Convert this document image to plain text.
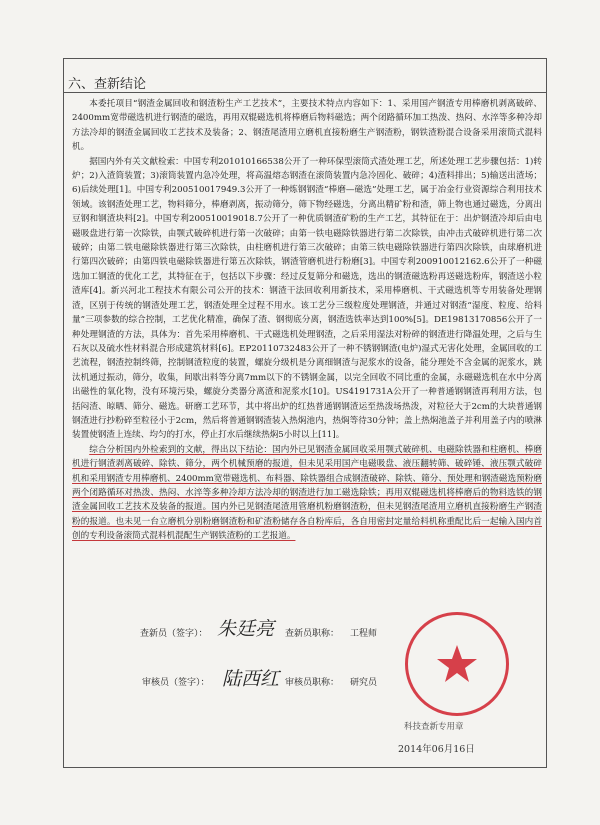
六、查新结论

本委托项目“钢渣金属回收和钢渣粉生产工艺技术”，主要技术特点内容如下：1、采用国产钢渣专用棒磨机剥离破碎、2400mm宽带磁选机进行钢渣的磁选，再用双辊磁选机将棒磨后物料磁选；两个闭路循环加工热泼、热闷、水淬等多种冷却方法冷却的钢渣金属回收工艺技术及装备；2、钢渣尾渣用立磨机直接粉磨生产钢渣粉，钢铁渣粉混合设备采用滚筒式混料机。

据国内外有关文献检索：中国专利201010166538公开了一种环保型滚筒式渣处理工艺，所述处理工艺步骤包括：1)转炉；2)入渣筒装置；3)滚筒装置内急冷处理，将高温熔态钢渣在滚筒装置内急冷固化、破碎；4)渣料排出；5)输送出渣场；6)后续处理[1]。中国专利200510017949.3公开了一种炼钢钢渣“棒磨—磁选”处理工艺，属于冶金行业资源综合利用技术领域。该钢渣处理工艺，物料筛分，棒磨剥离，振动筛分，筛下物经磁选，分离出精矿粉和渣，筛上物也通过磁选，分离出豆钢和钢渣块料[2]。中国专利200510019018.7公开了一种优质钢渣矿粉的生产工艺，其特征在于：出炉钢渣冷却后由电磁吸盘进行第一次除铁，由颚式破碎机进行第一次破碎；由第一铁电磁除铁器进行第二次除铁，由冲击式破碎机进行第二次破碎；由第二铁电磁除铁器进行第三次除铁，由柱磨机进行第三次破碎；由第三铁电磁除铁器进行第四次除铁，由球磨机进行第四次破碎；由第四铁电磁除铁器进行第五次除铁，钢渣管磨机进行粉磨[3]。中国专利200910012162.6公开了一种磁选加工钢渣的优化工艺，其特征在于，包括以下步骤：经过反复筛分和磁选，选出的钢渣磁选粉再送磁选粉库，钢渣送小粒渣库[4]。新兴河北工程技术有限公司公开的技术：钢渣干法回收利用新技术，采用棒磨机、干式磁选机等专用装备处理钢渣，区别于传统的钢渣处理工艺，钢渣处理全过程不用水。该工艺分三级粒度处理钢渣，并通过对钢渣“湿度、粒度、给料量”三项参数的综合控制，工艺优化精准，确保了渣、钢彻底分离，钢渣选铁率达到100%[5]。DE19813170856公开了一种处理钢渣的方法，具体为：首先采用棒磨机、干式磁选机处理钢渣，之后采用湿法对粉碎的钢渣进行降温处理，之后与生石灰以及硫水性材料混合形成建筑材料[6]。EP20110732483公开了一种不锈钢钢渣(电炉)湿式无害化处理，金属回收的工艺流程，钢渣控制终筛，控制钢渣粒度的装置，螺旋分级机是分离细钢渣与泥浆水的设备，能分理处不含金属的泥浆水，跳汰机通过振动，筛分，收集，间歇出料等分离7mm以下的不锈钢金属，以完全回收不同比重的金属，永磁磁选机在水中分离出磁性的氧化物，没有环境污染，螺旋分类器分离渣和泥浆水[10]。US4191731A公开了一种普通钢钢渣再利用方法，包括闷渣、晾晒、筛分、磁选。研磨工艺环节，其中将出炉的红热普通钢钢渣运至热泼场热泼，对粒径大于2cm的大块普通钢钢渣进行抄粉碎至粒径小于2cm，然后将普通钢钢渣装入热焖池内，热焖等待30分钟；盖上热焖池盖子并利用盖子内的喷淋装置使钢渣上连续、均匀的打水，停止打水后继续热焖5小时以上[11]。

综合分析国内外检索到的文献，得出以下结论：国内外已见钢渣金属回收采用颚式破碎机、电磁除铁器和柱磨机、棒磨机进行钢渣剥离破碎、除铁、筛分，两个机械预磨的报道，但未见采用国产电磁吸盘、液压翻转筛、破碎锤、液压颚式破碎机和采用钢渣专用棒磨机、2400mm宽带磁选机、布料器、除铁器组合成钢渣破碎、除铁、筛分、预处理和钢渣磁选预粉磨两个闭路循环对热泼、热闷、水淬等多种冷却方法冷却的钢渣进行加工磁选除铁；再用双辊磁选机将棒磨后的物料选铁的钢渣金属回收工艺技术及装备的报道。国内外已见钢渣尾渣用管磨机粉磨钢渣粉，但未见钢渣尾渣用立磨机直接粉磨生产钢渣粉的报道。也未见一台立磨机分别粉磨钢渣粉和矿渣粉储存各自粉库后，各自用密封定量给料机称重配比后一起输入国内首创的专利设备滚筒式混料机混配生产钢铁渣粉的工艺报道。

查新员（签字）： 朱廷亮 查新员职称： 工程师
审核员（签字）： 陆西红 审核员职称： 研究员
科技查新专用章
2014年06月16日
